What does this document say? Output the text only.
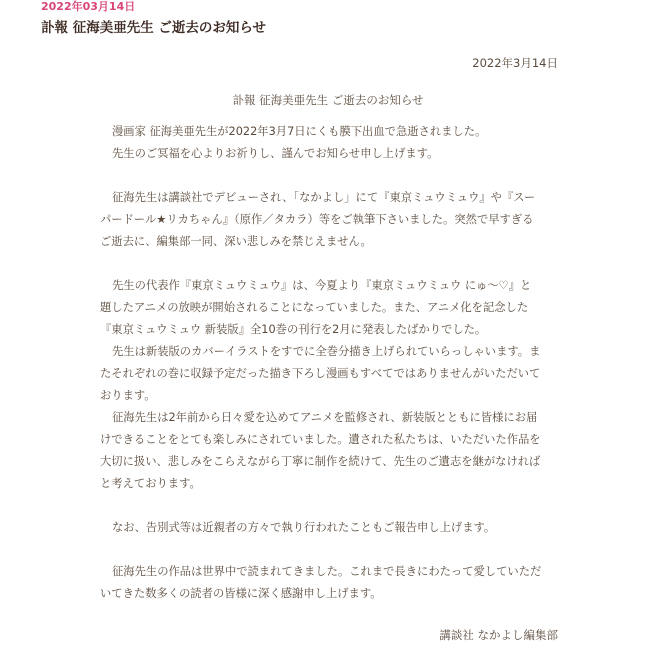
2022年03月14日
訃報 征海美亜先生 ご逝去のお知らせ
2022年3月14日
訃報 征海美亜先生 ご逝去のお知らせ
漫画家 征海美亜先生が2022年3月7日にくも膜下出血で急逝されました。
先生のご冥福を心よりお祈りし、謹んでお知らせ申し上げます。
征海先生は講談社でデビューされ、「なかよし」にて『東京ミュウミュウ』や『スー
パードール★リカちゃん』（原作／タカラ）等をご執筆下さいました。突然で早すぎる
ご逝去に、編集部一同、深い悲しみを禁じえません。
先生の代表作『東京ミュウミュウ』は、今夏より『東京ミュウミュウ にゅ〜♡』と
題したアニメの放映が開始されることになっていました。また、アニメ化を記念した
『東京ミュウミュウ 新装版』全10巻の刊行を2月に発表したばかりでした。
先生は新装版のカバーイラストをすでに全巻分描き上げられていらっしゃいます。ま
たそれぞれの巻に収録予定だった描き下ろし漫画もすべてではありませんがいただいて
おります。
征海先生は2年前から日々愛を込めてアニメを監修され、新装版とともに皆様にお届
けできることをとても楽しみにされていました。遺された私たちは、いただいた作品を
大切に扱い、悲しみをこらえながら丁寧に制作を続けて、先生のご遺志を継がなければ
と考えております。
なお、告別式等は近親者の方々で執り行われたこともご報告申し上げます。
征海先生の作品は世界中で読まれてきました。これまで長きにわたって愛していただ
いてきた数多くの読者の皆様に深く感謝申し上げます。
講談社 なかよし編集部
